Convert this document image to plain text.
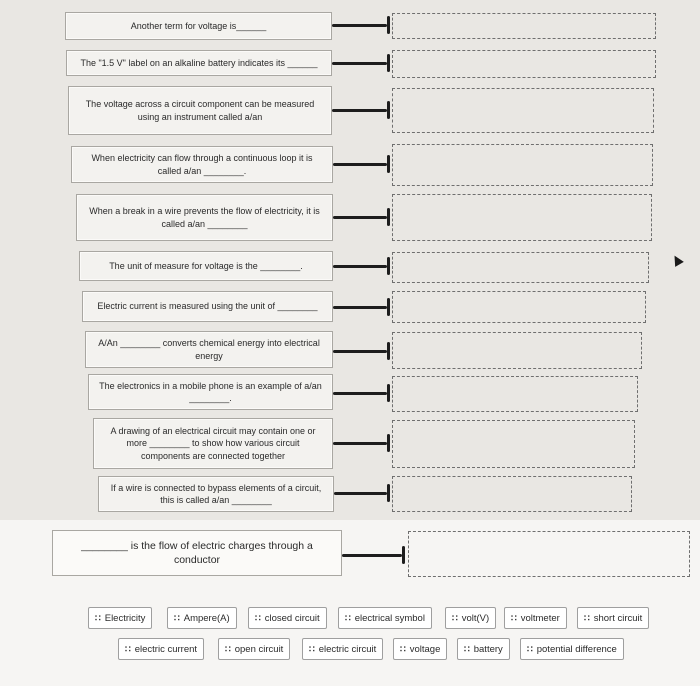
Another term for voltage is______
The "1.5 V" label on an alkaline battery indicates its ______
The voltage across a circuit component can be measured using an instrument called a/an
When electricity can flow through a continuous loop it is called a/an ________.
When a break in a wire prevents the flow of electricity, it is called a/an ________
The unit of measure for voltage is the ________.
Electric current is measured using the unit of ________
A/An ________ converts chemical energy into electrical energy
The electronics in a mobile phone is an example of a/an ________.
A drawing of an electrical circuit may contain one or more ________ to show how various circuit components are connected together
If a wire is connected to bypass elements of a circuit, this is called a/an ________
________ is the flow of electric charges through a conductor
∷ Electricity	∷ Ampere(A)	∷ closed circuit	∷ electrical symbol	∷ volt(V) ∷ voltmeter	∷ short circuit
∷ electric current	∷ open circuit	∷ electric circuit	∷ voltage	∷ battery	∷ potential difference
